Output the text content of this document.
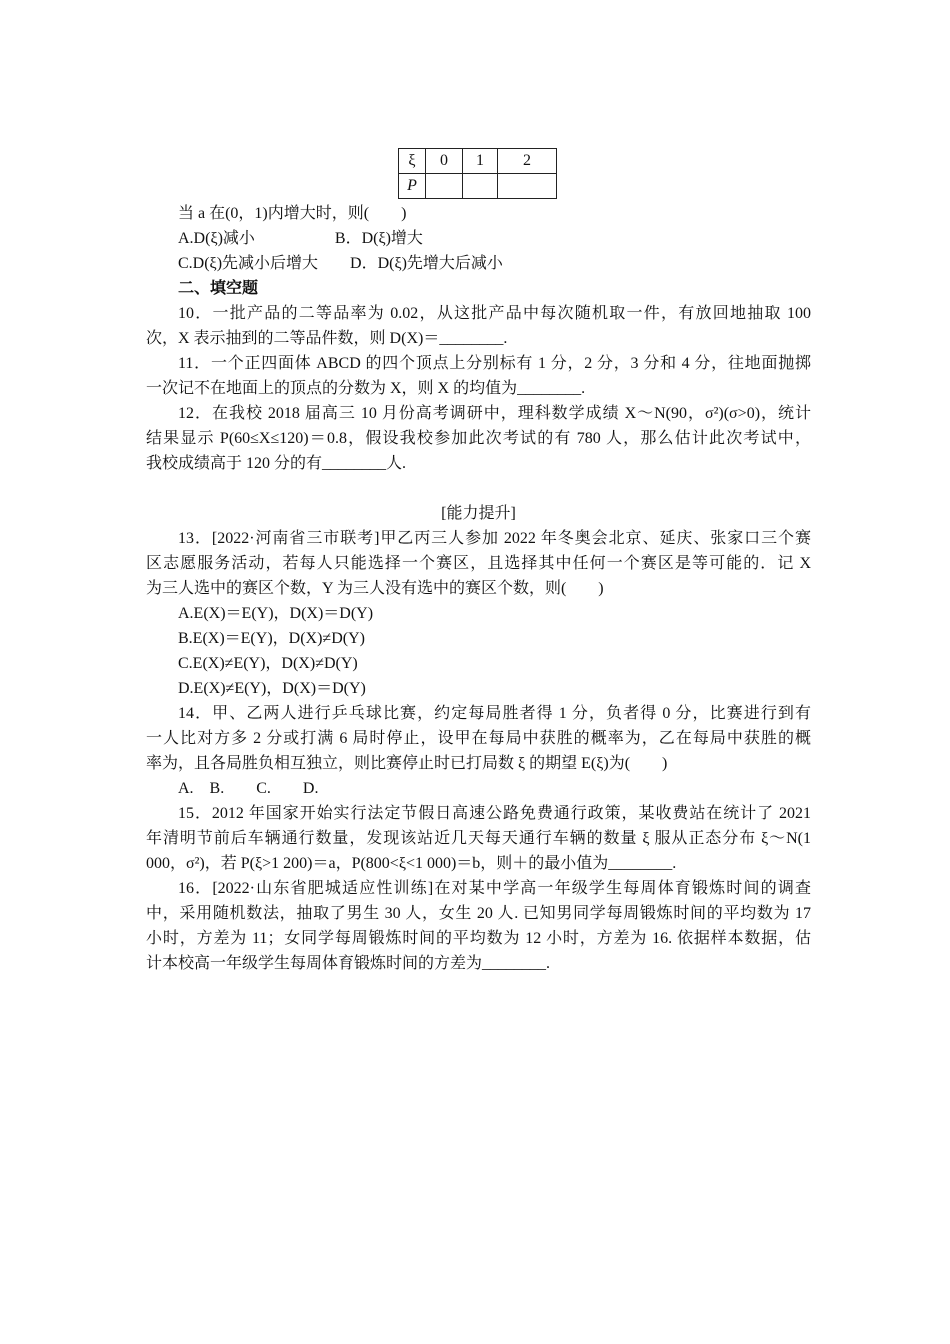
ξ	0	1	2
P			
当 a 在(0，1)内增大时，则(　　)
A.D(ξ)减小　　　　　B．D(ξ)增大
C.D(ξ)先减小后增大　　D．D(ξ)先增大后减小
二、填空题
10．一批产品的二等品率为 0.02，从这批产品中每次随机取一件，有放回地抽取 100
次，X 表示抽到的二等品件数，则 D(X)＝________.
11．一个正四面体 ABCD 的四个顶点上分别标有 1 分，2 分，3 分和 4 分，往地面抛掷
一次记不在地面上的顶点的分数为 X，则 X 的均值为________.
12．在我校 2018 届高三 10 月份高考调研中，理科数学成绩 X～N(90，σ²)(σ>0)，统计
结果显示 P(60≤X≤120)＝0.8，假设我校参加此次考试的有 780 人，那么估计此次考试中，
我校成绩高于 120 分的有________人.
[能力提升]
13．[2022·河南省三市联考]甲乙丙三人参加 2022 年冬奥会北京、延庆、张家口三个赛
区志愿服务活动，若每人只能选择一个赛区，且选择其中任何一个赛区是等可能的．记 X
为三人选中的赛区个数，Y 为三人没有选中的赛区个数，则(　　)
A.E(X)＝E(Y)，D(X)＝D(Y)
B.E(X)＝E(Y)，D(X)≠D(Y)
C.E(X)≠E(Y)，D(X)≠D(Y)
D.E(X)≠E(Y)，D(X)＝D(Y)
14．甲、乙两人进行乒乓球比赛，约定每局胜者得 1 分，负者得 0 分，比赛进行到有
一人比对方多 2 分或打满 6 局时停止，设甲在每局中获胜的概率为，乙在每局中获胜的概
率为，且各局胜负相互独立，则比赛停止时已打局数 ξ 的期望 E(ξ)为(　　)
A.　B.　　C.　　D.
15．2012 年国家开始实行法定节假日高速公路免费通行政策，某收费站在统计了 2021
年清明节前后车辆通行数量，发现该站近几天每天通行车辆的数量 ξ 服从正态分布 ξ～N(1
000，σ²)，若 P(ξ>1 200)＝a，P(800<ξ<1 000)＝b，则＋的最小值为________.
16．[2022·山东省肥城适应性训练]在对某中学高一年级学生每周体育锻炼时间的调查
中，采用随机数法，抽取了男生 30 人，女生 20 人. 已知男同学每周锻炼时间的平均数为 17
小时，方差为 11；女同学每周锻炼时间的平均数为 12 小时，方差为 16. 依据样本数据，估
计本校高一年级学生每周体育锻炼时间的方差为________.
